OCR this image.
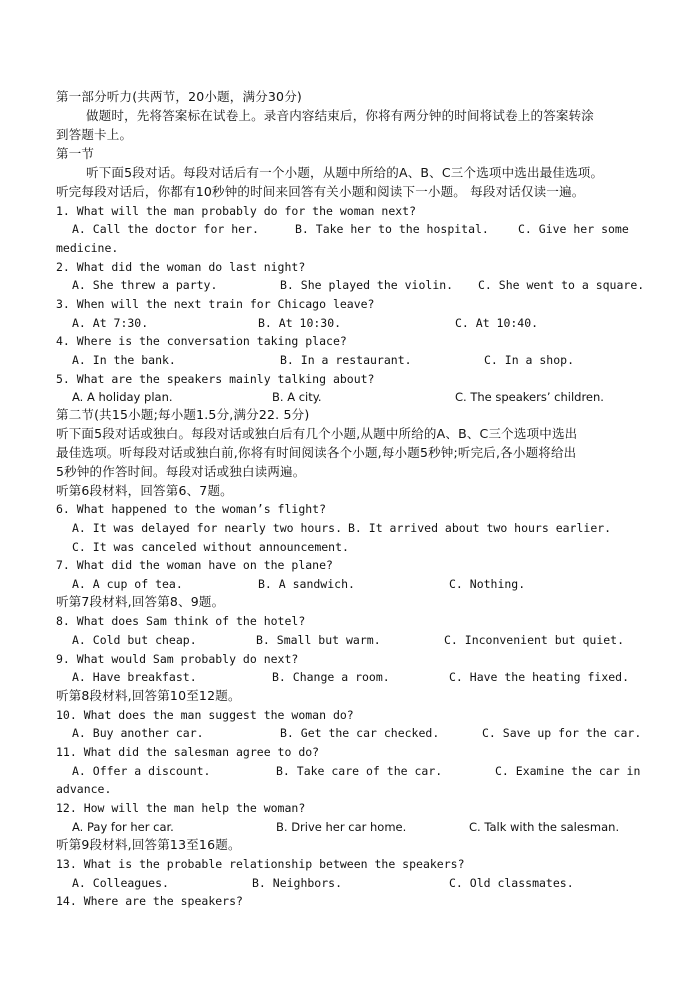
第一部分听力(共两节，20小题，满分30分)
做题时，先将答案标在试卷上。录音内容结束后，你将有两分钟的时间将试卷上的答案转涂
到答题卡上。
第一节
听下面5段对话。每段对话后有一个小题，从题中所给的A、B、C三个选项中选出最佳选项。
听完每段对话后，你都有10秒钟的时间来回答有关小题和阅读下一小题。 每段对话仅读一遍。
1. What will the man probably do for the woman next?
A. Call the doctor for her.	B. Take her to the hospital.	C. Give her some
medicine.
2. What did the woman do last night?
A. She threw a party.	B. She played the violin. C. She went to a square.
3. When will the next train for Chicago leave?
A. At 7:30.	B. At 10:30.	C. At 10:40.
4. Where is the conversation taking place?
A. In the bank.	B. In a restaurant.	C. In a shop.
5. What are the speakers mainly talking about?
A. A holiday plan.	B. A city.	C. The speakers’ children.
第二节(共15小题;每小题1.5分,满分22. 5分)
听下面5段对话或独白。每段对话或独白后有几个小题,从题中所给的A、B、C三个选项中选出
最佳选项。听每段对话或独白前,你将有时间阅读各个小题,每小题5秒钟;听完后,各小题将给出
5秒钟的作答时间。每段对话或独白读两遍。
听第6段材料，回答第6、7题。
6. What happened to the woman’s flight?
A. It was delayed for nearly two hours. B. It arrived about two hours earlier.
C. It was canceled without announcement.
7. What did the woman have on the plane?
A. A cup of tea.	B. A sandwich.	C. Nothing.
听第7段材料,回答第8、9题。
8. What does Sam think of the hotel?
A. Cold but cheap.	B. Small but warm.	C. Inconvenient but quiet.
9. What would Sam probably do next?
A. Have breakfast.	B. Change a room.	C. Have the heating fixed.
听第8段材料,回答第10至12题。
10. What does the man suggest the woman do?
A. Buy another car.	B. Get the car checked.	C. Save up for the car.
11. What did the salesman agree to do?
A. Offer a discount.	B. Take care of the car.	C. Examine the car in
advance.
12. How will the man help the woman?
A. Pay for her car.	B. Drive her car home.	C. Talk with the salesman.
听第9段材料,回答第13至16题。
13. What is the probable relationship between the speakers?
A. Colleagues.	B. Neighbors.	C. Old classmates.
14. Where are the speakers?
